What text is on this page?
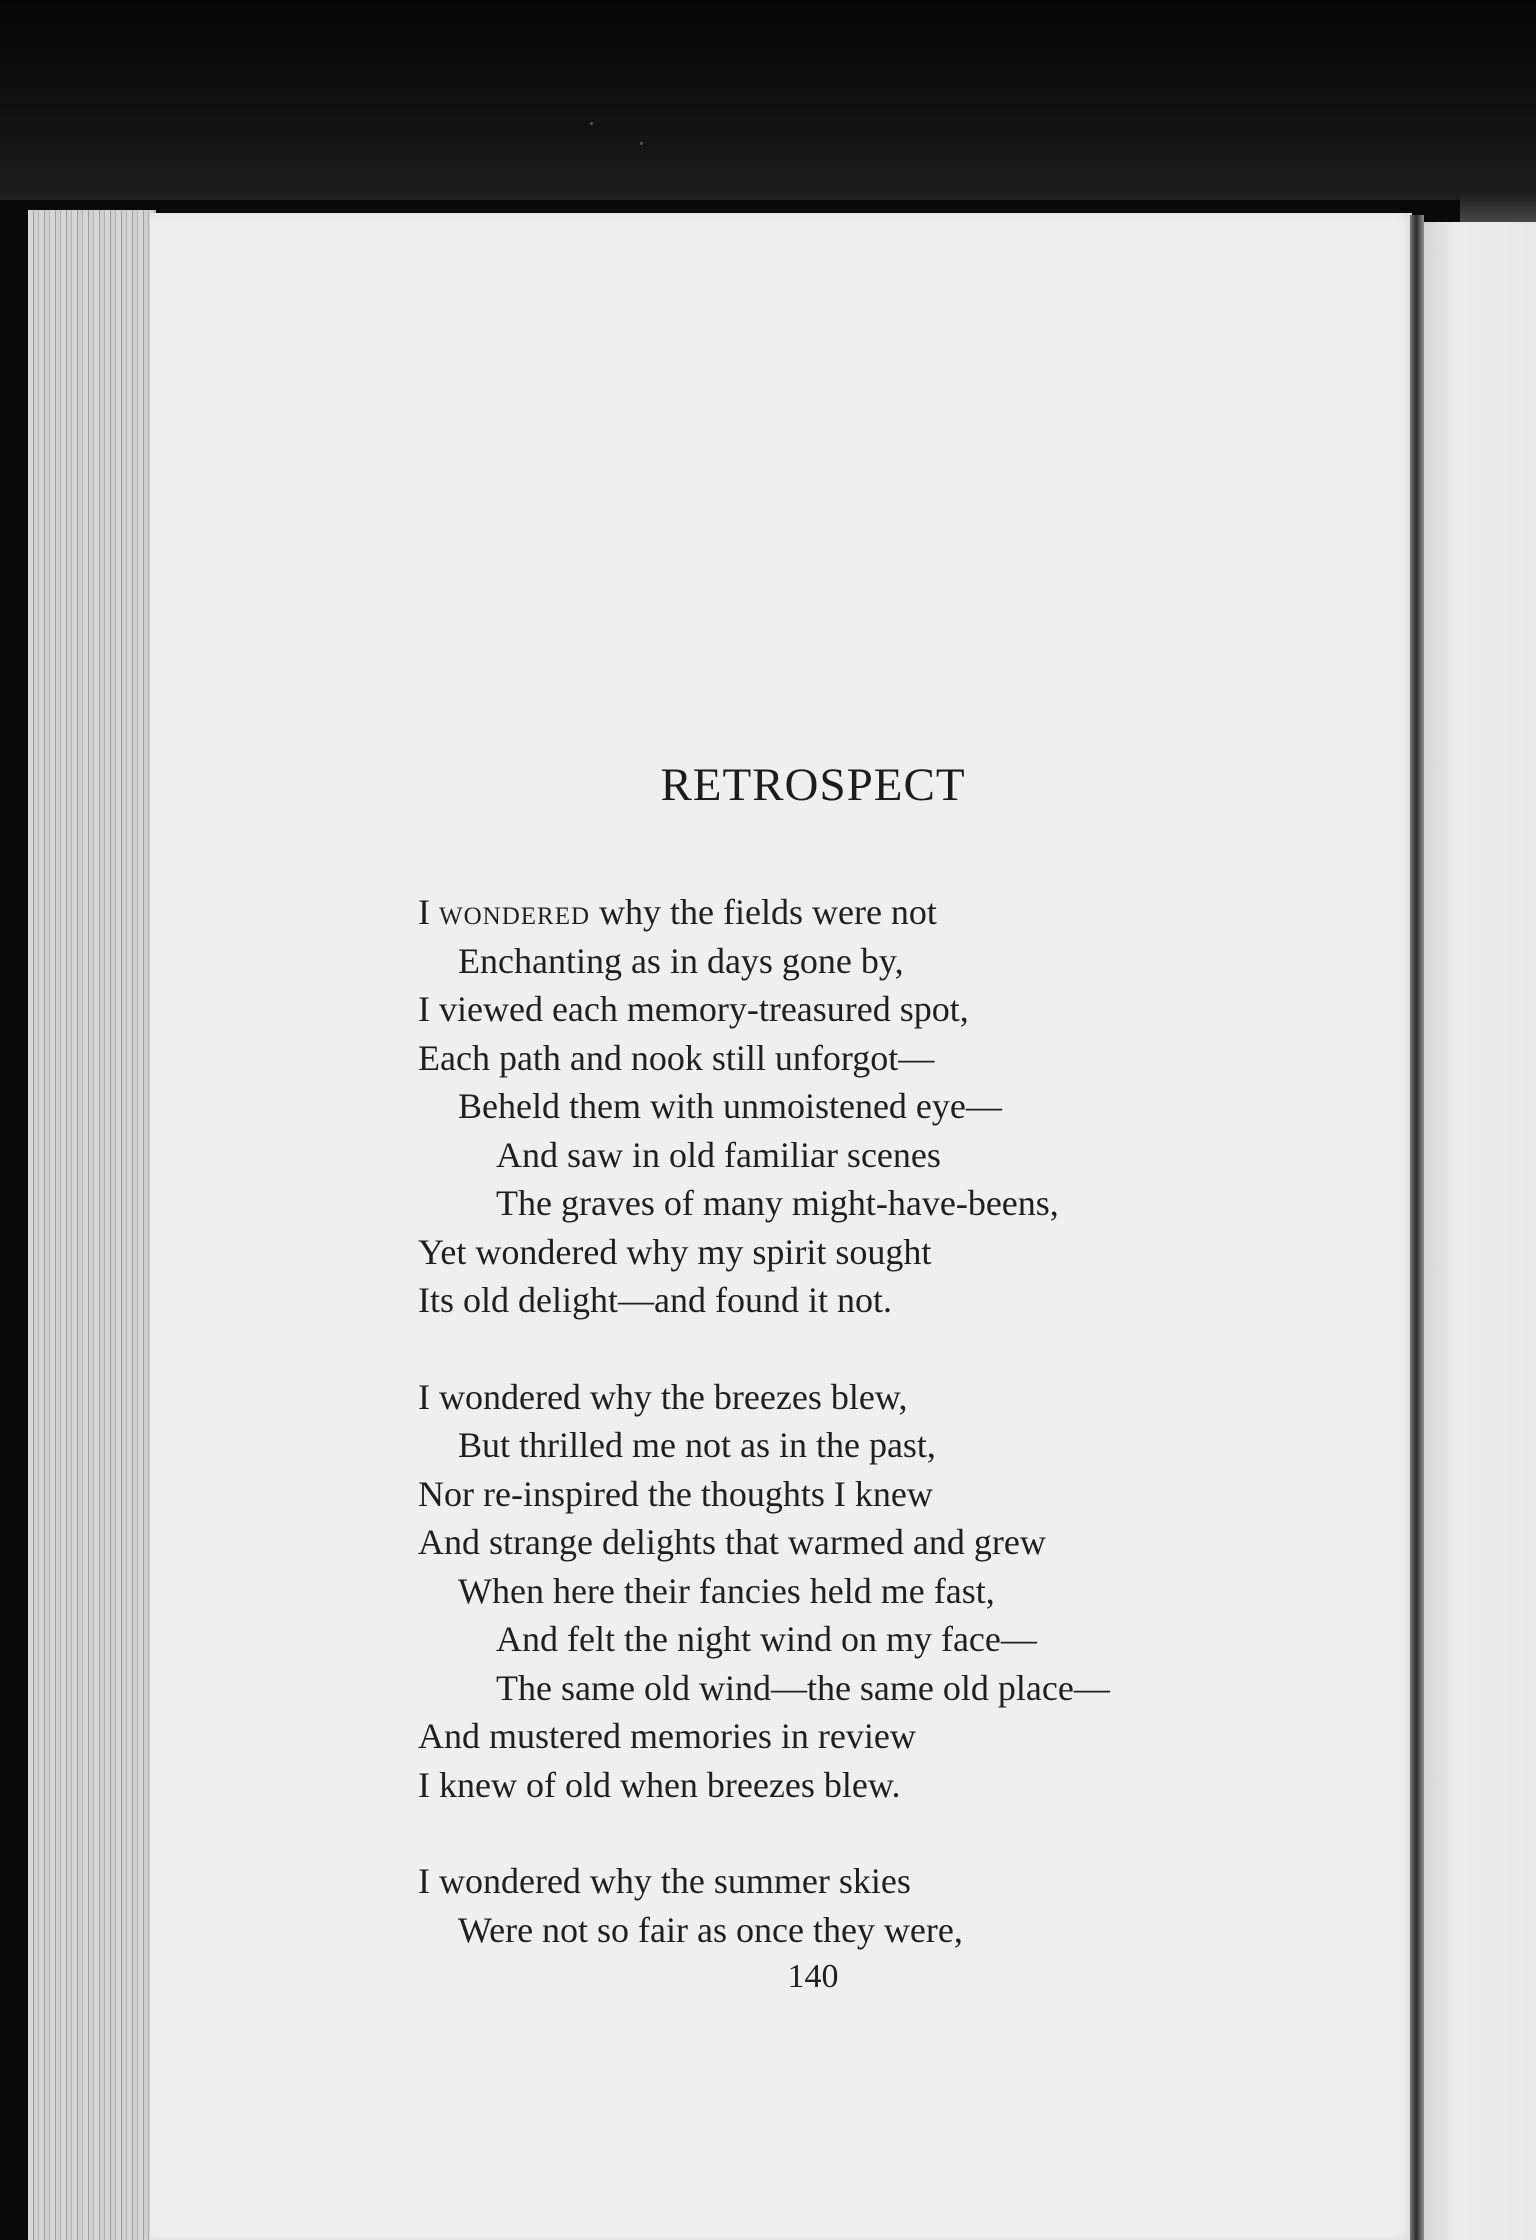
RETROSPECT
I wondered why the fields were not
Enchanting as in days gone by,
I viewed each memory-treasured spot,
Each path and nook still unforgot—
Beheld them with unmoistened eye—
And saw in old familiar scenes
The graves of many might-have-beens,
Yet wondered why my spirit sought
Its old delight—and found it not.
I wondered why the breezes blew,
But thrilled me not as in the past,
Nor re-inspired the thoughts I knew
And strange delights that warmed and grew
When here their fancies held me fast,
And felt the night wind on my face—
The same old wind—the same old place—
And mustered memories in review
I knew of old when breezes blew.
I wondered why the summer skies
Were not so fair as once they were,
140
